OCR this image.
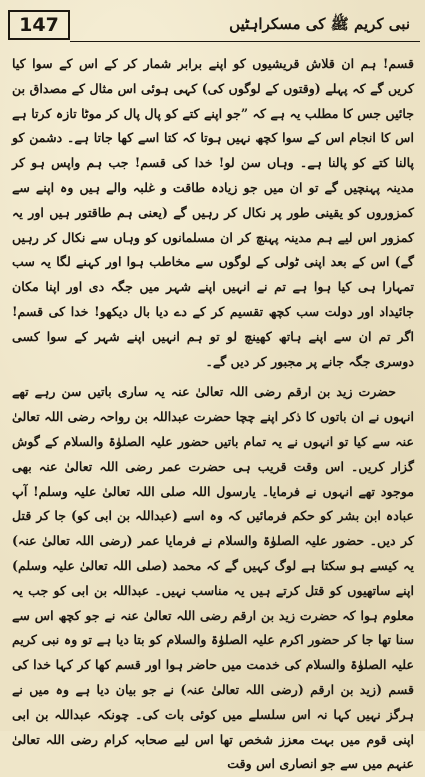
147	نبی کریم ﷺ کی مسکراہٹیں

قسم! ہم ان قلاش قریشیوں کو اپنے برابر شمار کر کے اس کے سوا کیا کریں گے کہ پہلے (وقتوں کے لوگوں کی) کہی ہوئی اس مثال کے مصداق بن جائیں جس کا مطلب یہ ہے کہ ”جو اپنے کتے کو پال پال کر موٹا تازہ کرتا ہے اس کا انجام اس کے سوا کچھ نہیں ہوتا کہ کتا اسے کھا جاتا ہے۔ دشمن کو پالنا کتے کو پالنا ہے۔ وہاں سن لو! خدا کی قسم! جب ہم واپس ہو کر مدینہ پہنچیں گے تو ان میں جو زیادہ طاقت و غلبہ والے ہیں وہ اپنے سے کمزوروں کو یقینی طور پر نکال کر رہیں گے (یعنی ہم طاقتور ہیں اور یہ کمزور اس لیے ہم مدینہ پہنچ کر ان مسلمانوں کو وہاں سے نکال کر رہیں گے) اس کے بعد اپنی ٹولی کے لوگوں سے مخاطب ہوا اور کہنے لگا یہ سب تمہارا ہی کیا ہوا ہے تم نے انہیں اپنے شہر میں جگہ دی اور اپنا مکان جائیداد اور دولت سب کچھ تقسیم کر کے دے دیا بال دیکھو! خدا کی قسم! اگر تم ان سے اپنے ہاتھ کھینچ لو تو ہم انہیں اپنے شہر کے سوا کسی دوسری جگہ جانے پر مجبور کر دیں گے۔

حضرت زید بن ارقم رضی اللہ تعالیٰ عنہ یہ ساری باتیں سن رہے تھے انہوں نے ان باتوں کا ذکر اپنے چچا حضرت عبداللہ بن رواحہ رضی اللہ تعالیٰ عنہ سے کیا تو انہوں نے یہ تمام باتیں حضور علیہ الصلوٰۃ والسلام کے گوش گزار کریں۔ اس وقت قریب ہی حضرت عمر رضی اللہ تعالیٰ عنہ بھی موجود تھے انہوں نے فرمایا۔ یارسول اللہ صلی اللہ تعالیٰ علیہ وسلم! آپ عبادہ ابن بشر کو حکم فرمائیں کہ وہ اسے (عبداللہ بن ابی کو) جا کر قتل کر دیں۔ حضور علیہ الصلوٰۃ والسلام نے فرمایا عمر (رضی اللہ تعالیٰ عنہ) یہ کیسے ہو سکتا ہے لوگ کہیں گے کہ محمد (صلی اللہ تعالیٰ علیہ وسلم) اپنے ساتھیوں کو قتل کرتے ہیں یہ مناسب نہیں۔ عبداللہ بن ابی کو جب یہ معلوم ہوا کہ حضرت زید بن ارقم رضی اللہ تعالیٰ عنہ نے جو کچھ اس سے سنا تھا جا کر حضور اکرم علیہ الصلوٰۃ والسلام کو بتا دیا ہے تو وہ نبی کریم علیہ الصلوٰۃ والسلام کی خدمت میں حاضر ہوا اور قسم کھا کر کہا خدا کی قسم (زید بن ارقم (رضی اللہ تعالیٰ عنہ) نے جو بیان دیا ہے وہ میں نے ہرگز نہیں کہا نہ اس سلسلے میں کوئی بات کی۔ چونکہ عبداللہ بن ابی اپنی قوم میں بہت معزز شخص تھا اس لیے صحابہ کرام رضی اللہ تعالیٰ عنہم میں سے جو انصاری اس وقت
